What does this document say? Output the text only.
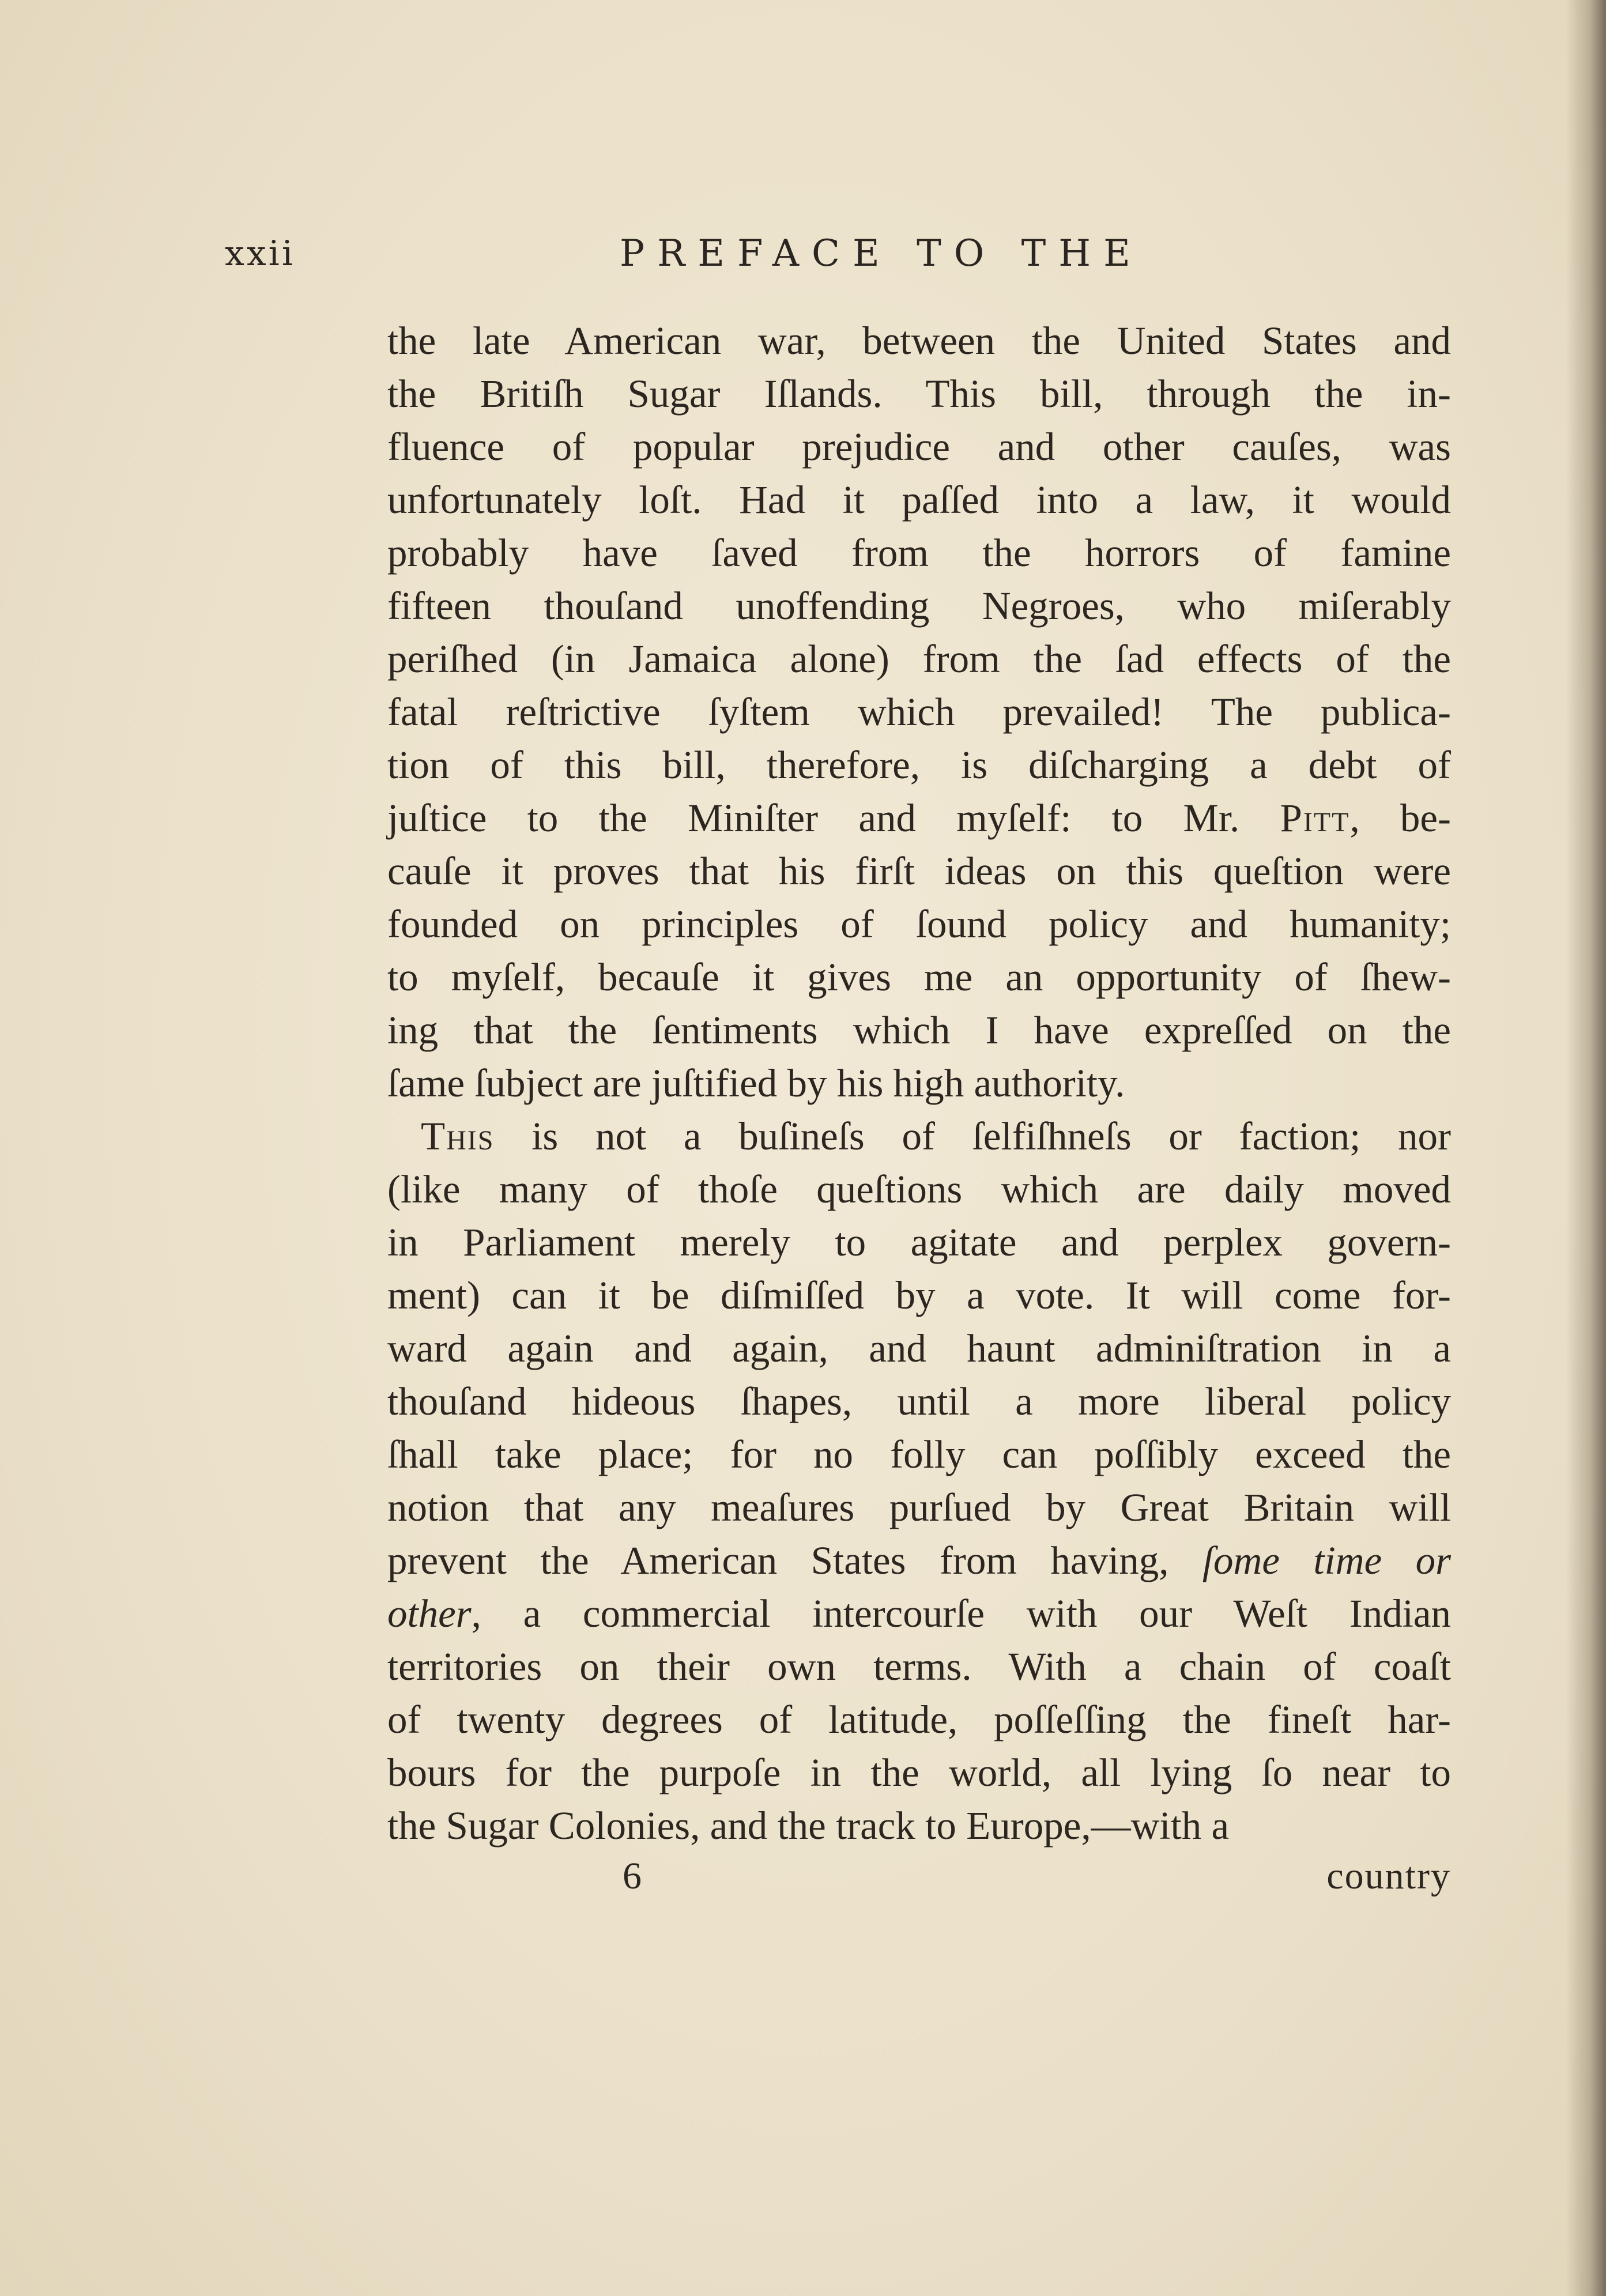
xxii	PREFACE TO THE
the late American war, between the United States and
the Britiſh Sugar Iſlands. This bill, through the in-
fluence of popular prejudice and other cauſes, was
unfortunately loſt. Had it paſſed into a law, it would
probably have ſaved from the horrors of famine
fifteen thouſand unoffending Negroes, who miſerably
periſhed (in Jamaica alone) from the ſad effects of the
fatal reſtrictive ſyſtem which prevailed! The publica-
tion of this bill, therefore, is diſcharging a debt of
juſtice to the Miniſter and myſelf: to Mr. Pitt, be-
cauſe it proves that his firſt ideas on this queſtion were
founded on principles of ſound policy and humanity;
to myſelf, becauſe it gives me an opportunity of ſhew-
ing that the ſentiments which I have expreſſed on the
ſame ſubject are juſtified by his high authority.
This is not a buſineſs of ſelfiſhneſs or faction; nor
(like many of thoſe queſtions which are daily moved
in Parliament merely to agitate and perplex govern-
ment) can it be diſmiſſed by a vote. It will come for-
ward again and again, and haunt adminiſtration in a
thouſand hideous ſhapes, until a more liberal policy
ſhall take place; for no folly can poſſibly exceed the
notion that any meaſures purſued by Great Britain will
prevent the American States from having, ſome time or
other, a commercial intercourſe with our Weſt Indian
territories on their own terms. With a chain of coaſt
of twenty degrees of latitude, poſſeſſing the fineſt har-
bours for the purpoſe in the world, all lying ſo near to
the Sugar Colonies, and the track to Europe,—with a
6	country
